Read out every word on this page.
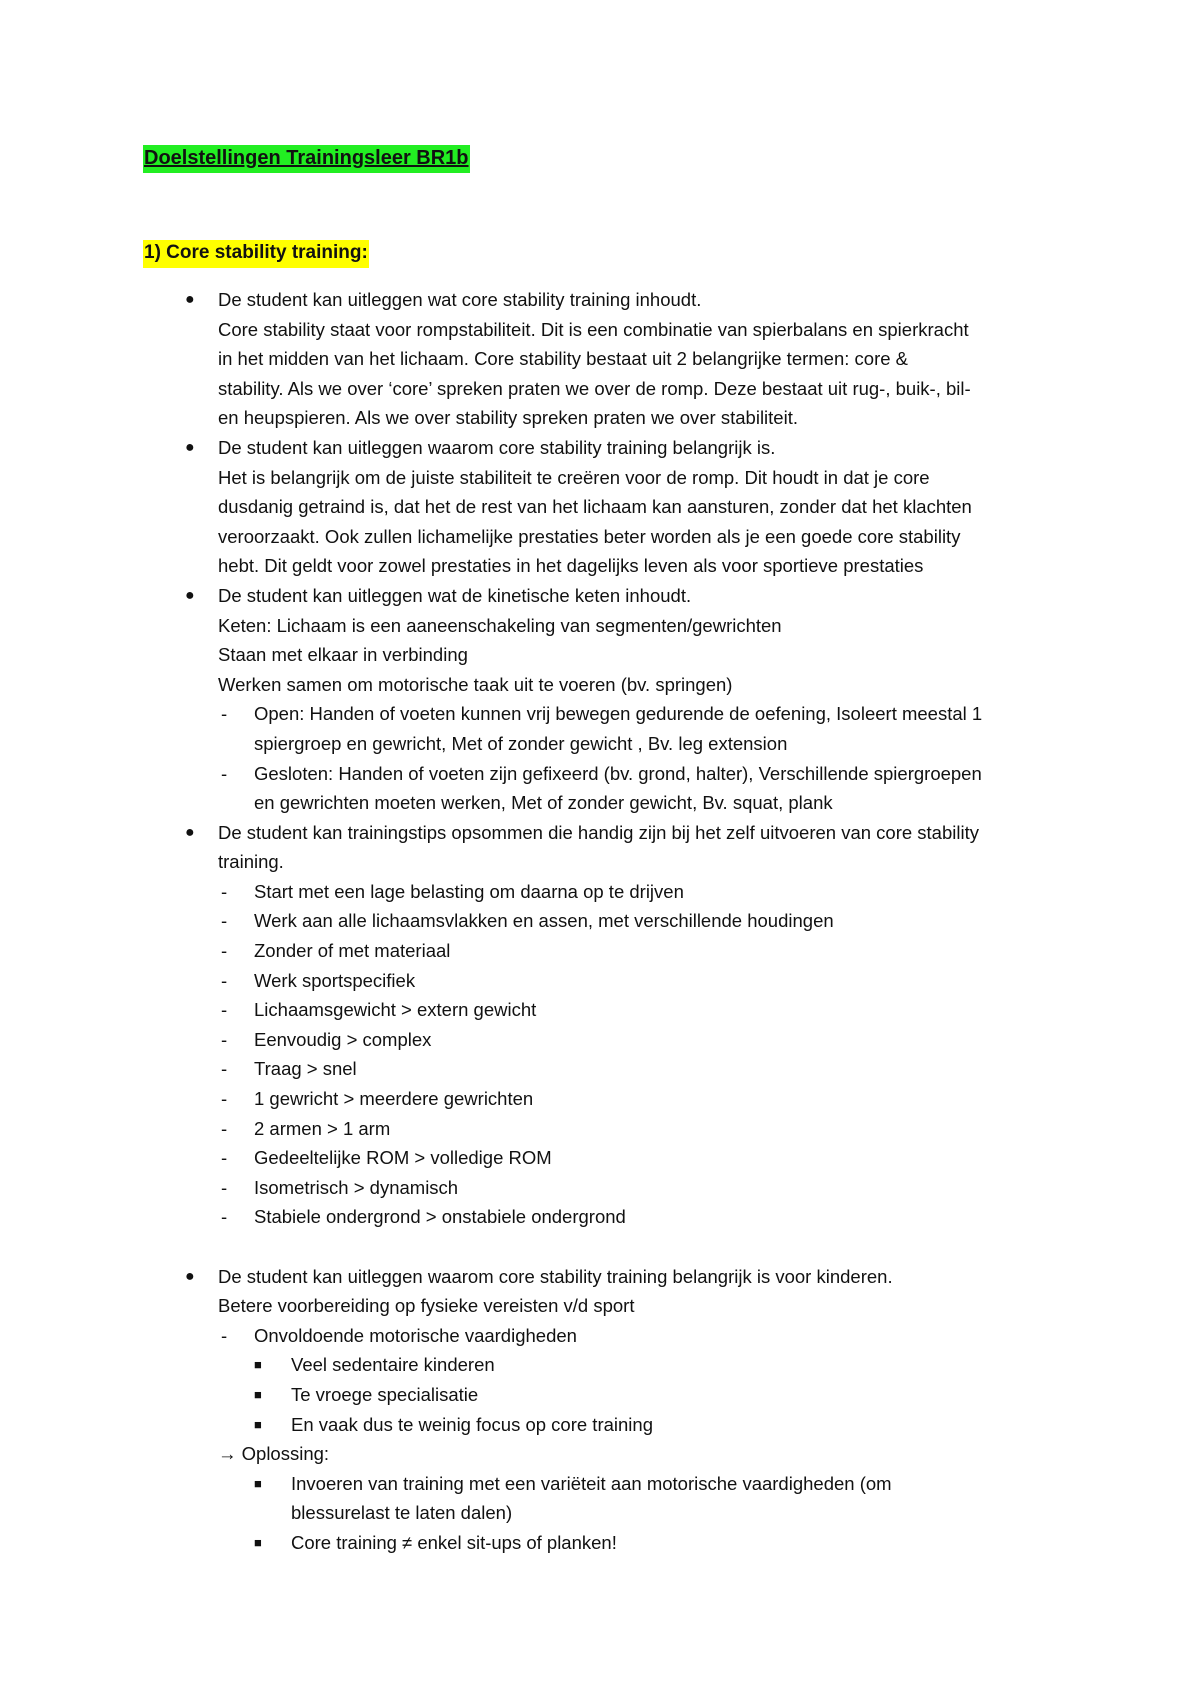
Doelstellingen Trainingsleer BR1b
1) Core stability training:
● De student kan uitleggen wat core stability training inhoudt.
Core stability staat voor rompstabiliteit. Dit is een combinatie van spierbalans en spierkracht
in het midden van het lichaam. Core stability bestaat uit 2 belangrijke termen: core &
stability. Als we over ‘core’ spreken praten we over de romp. Deze bestaat uit rug-, buik-, bil-
en heupspieren. Als we over stability spreken praten we over stabiliteit.
● De student kan uitleggen waarom core stability training belangrijk is.
Het is belangrijk om de juiste stabiliteit te creëren voor de romp. Dit houdt in dat je core
dusdanig getraind is, dat het de rest van het lichaam kan aansturen, zonder dat het klachten
veroorzaakt. Ook zullen lichamelijke prestaties beter worden als je een goede core stability
hebt. Dit geldt voor zowel prestaties in het dagelijks leven als voor sportieve prestaties
● De student kan uitleggen wat de kinetische keten inhoudt.
Keten: Lichaam is een aaneenschakeling van segmenten/gewrichten
Staan met elkaar in verbinding
Werken samen om motorische taak uit te voeren (bv. springen)
- Open: Handen of voeten kunnen vrij bewegen gedurende de oefening, Isoleert meestal 1
spiergroep en gewricht, Met of zonder gewicht , Bv. leg extension
- Gesloten: Handen of voeten zijn gefixeerd (bv. grond, halter), Verschillende spiergroepen
en gewrichten moeten werken, Met of zonder gewicht, Bv. squat, plank
● De student kan trainingstips opsommen die handig zijn bij het zelf uitvoeren van core stability
training.
- Start met een lage belasting om daarna op te drijven
- Werk aan alle lichaamsvlakken en assen, met verschillende houdingen
- Zonder of met materiaal
- Werk sportspecifiek
- Lichaamsgewicht > extern gewicht
- Eenvoudig > complex
- Traag > snel
- 1 gewricht > meerdere gewrichten
- 2 armen > 1 arm
- Gedeeltelijke ROM > volledige ROM
- Isometrisch > dynamisch
- Stabiele ondergrond > onstabiele ondergrond
● De student kan uitleggen waarom core stability training belangrijk is voor kinderen.
Betere voorbereiding op fysieke vereisten v/d sport
- Onvoldoende motorische vaardigheden
■ Veel sedentaire kinderen
■ Te vroege specialisatie
■ En vaak dus te weinig focus op core training
→ Oplossing:
■ Invoeren van training met een variëteit aan motorische vaardigheden (om
blessurelast te laten dalen)
■ Core training ≠ enkel sit-ups of planken!
